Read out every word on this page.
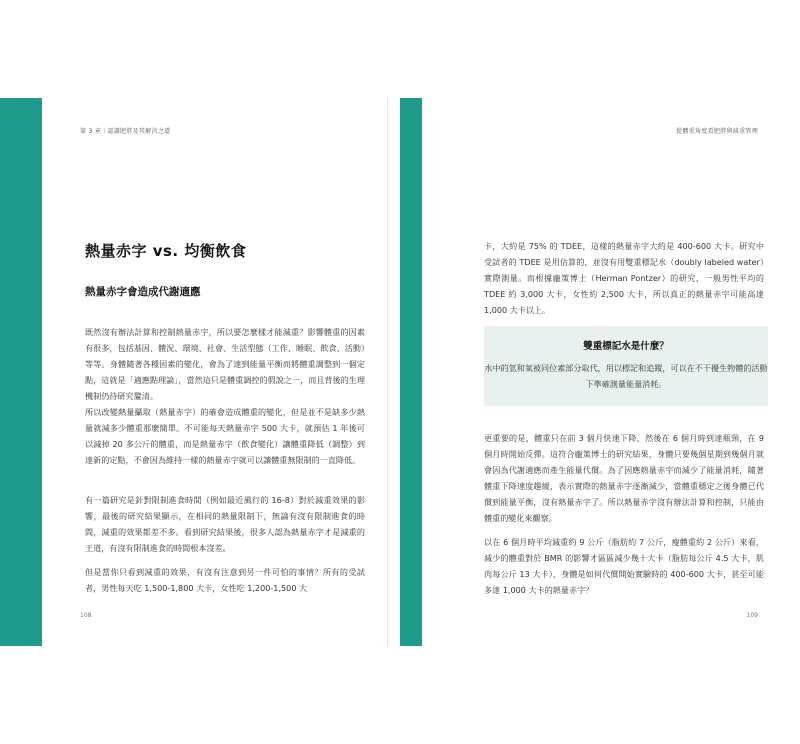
第 3 章｜認識肥胖及其解決之道
熱量赤字 vs. 均衡飲食
熱量赤字會造成代謝適應

既然沒有辦法計算和控制熱量赤字，所以要怎麼樣才能減重？影響體重的因素有很多，包括基因、體況、環境、社會、生活型態（工作、睡眠、飲食、活動）等等。身體隨著各種因素的變化，會為了達到能量平衡而將體重調整到一個定點，這就是「適應點理論」，當然這只是體重調控的假說之一，而且背後的生理機制仍待研究釐清。

所以改變熱量攝取（熱量赤字）的確會造成體重的變化，但是並不是缺多少熱量就減多少體重那麼簡單。不可能每天熱量赤字 500 大卡，就預估 1 年後可以減掉 20 多公斤的體重，而是熱量赤字（飲食變化）讓體重降低（調整）到達新的定點，不會因為維持一樣的熱量赤字就可以讓體重無限制的一直降低。

有一篇研究是針對限制進食時間（例如最近風行的 16-8）對於減重效果的影響，最後的研究結果顯示，在相同的熱量限制下，無論有沒有限制進食的時間，減重的效果都差不多。看到研究結果後，很多人認為熱量赤字才是減重的王道，有沒有限制進食的時間根本沒差。

但是當你只看到減重的效果，有沒有注意到另一件可怕的事情？所有的受試者，男性每天吃 1,500-1,800 大卡，女性吃 1,200-1,500 大

108
從體重角度看肥胖與減重管理

卡，大約是 75% 的 TDEE，這樣的熱量赤字大約是 400-600 大卡。研究中受試者的 TDEE 是用估算的，並沒有用雙重標記水（doubly labeled water）實際測量。而根據龐策博士（Herman Pontzer）的研究，一般男性平均的 TDEE 約 3,000 大卡，女性約 2,500 大卡，所以真正的熱量赤字可能高達 1,000 大卡以上。

雙重標記水是什麼？

水中的氫和氧被同位素部分取代，用以標記和追蹤，可以在不干擾生物體的活動下準確測量能量消耗。

更重要的是，體重只在前 3 個月快速下降，然後在 6 個月時到達瓶頸，在 9 個月時開始反彈。這符合龐策博士的研究結果，身體只要幾個星期到幾個月就會因為代謝適應而產生能量代償。為了因應熱量赤字而減少了能量消耗，隨著體重下降速度趨緩，表示實際的熱量赤字逐漸減少，當體重穩定之後身體已代償到能量平衡，沒有熱量赤字了。所以熱量赤字沒有辦法計算和控制，只能由體重的變化來觀察。

以在 6 個月時平均減重約 9 公斤（脂肪約 7 公斤，瘦體重約 2 公斤）來看，減少的體重對於 BMR 的影響才區區減少幾十大卡（脂肪每公斤 4.5 大卡，肌肉每公斤 13 大卡），身體是如何代償開始實驗時的 400-600 大卡，甚至可能多達 1,000 大卡的熱量赤字？

109
